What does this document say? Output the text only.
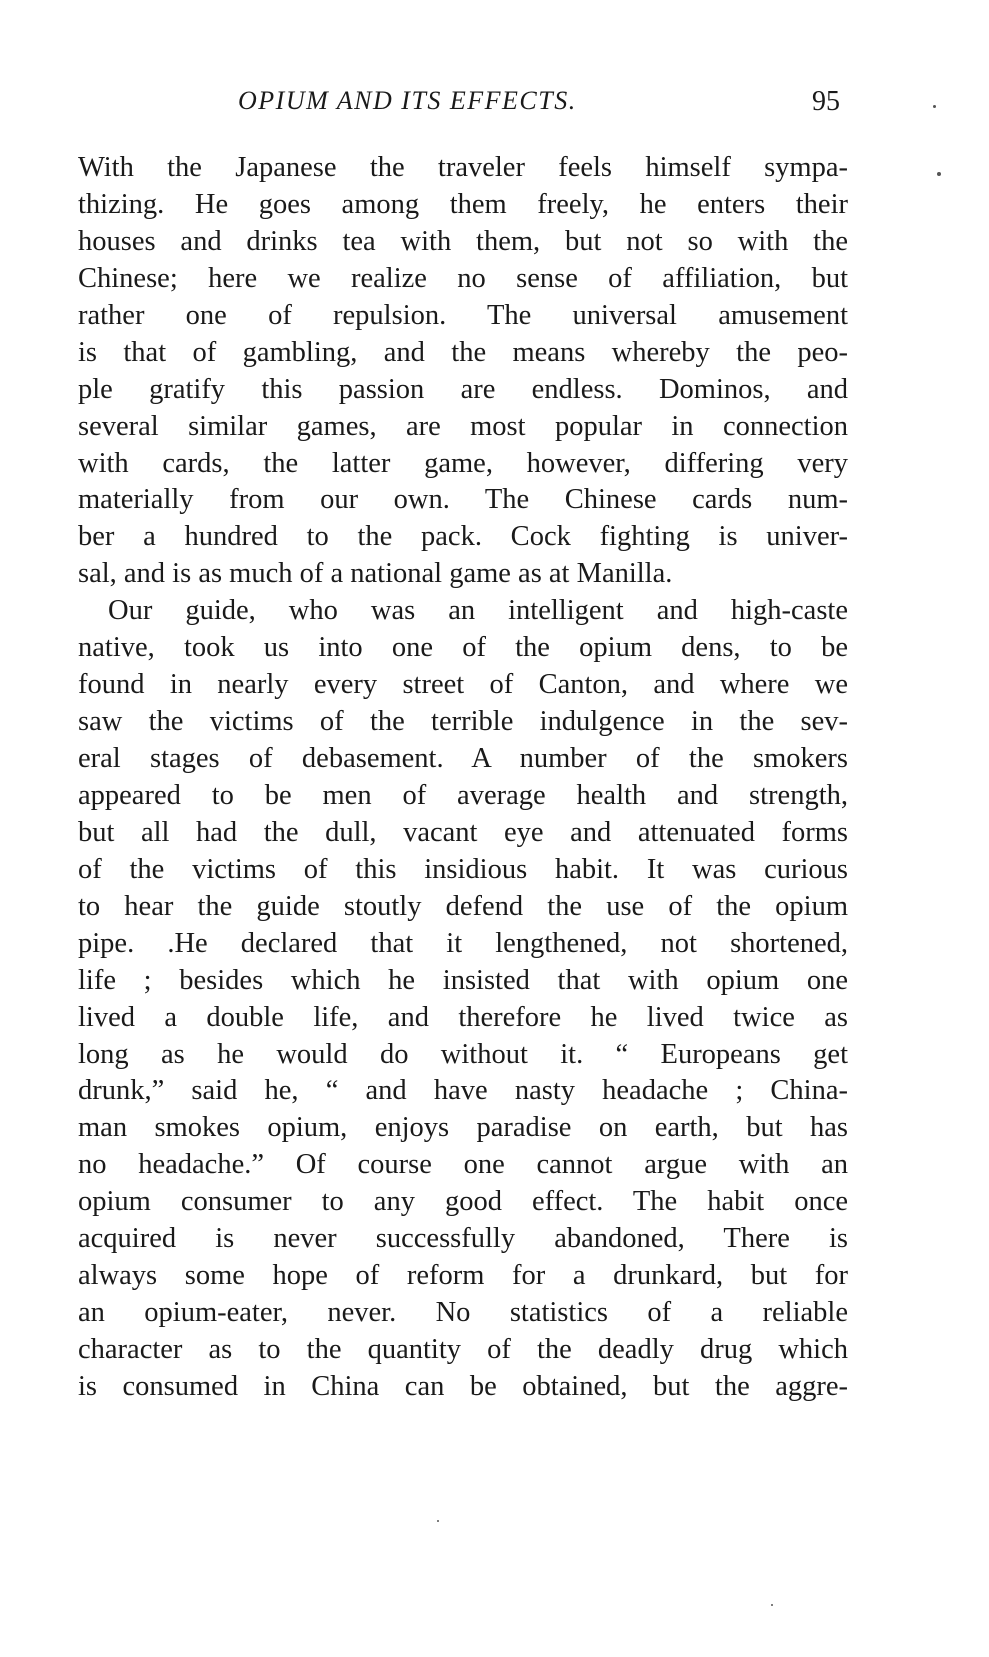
OPIUM AND ITS EFFECTS.	95
With the Japanese the traveler feels himself sympa-
thizing. He goes among them freely, he enters their
houses and drinks tea with them, but not so with the
Chinese; here we realize no sense of affiliation, but
rather one of repulsion. The universal amusement
is that of gambling, and the means whereby the peo-
ple gratify this passion are endless. Dominos, and
several similar games, are most popular in connection
with cards, the latter game, however, differing very
materially from our own. The Chinese cards num-
ber a hundred to the pack. Cock fighting is univer-
sal, and is as much of a national game as at Manilla.
Our guide, who was an intelligent and high-caste
native, took us into one of the opium dens, to be
found in nearly every street of Canton, and where we
saw the victims of the terrible indulgence in the sev-
eral stages of debasement. A number of the smokers
appeared to be men of average health and strength,
but all had the dull, vacant eye and attenuated forms
of the victims of this insidious habit. It was curious
to hear the guide stoutly defend the use of the opium
pipe. .He declared that it lengthened, not shortened,
life ; besides which he insisted that with opium one
lived a double life, and therefore he lived twice as
long as he would do without it. “ Europeans get
drunk,” said he, “ and have nasty headache ; China-
man smokes opium, enjoys paradise on earth, but has
no headache.” Of course one cannot argue with an
opium consumer to any good effect. The habit once
acquired is never successfully abandoned, There is
always some hope of reform for a drunkard, but for
an opium-eater, never. No statistics of a reliable
character as to the quantity of the deadly drug which
is consumed in China can be obtained, but the aggre-
